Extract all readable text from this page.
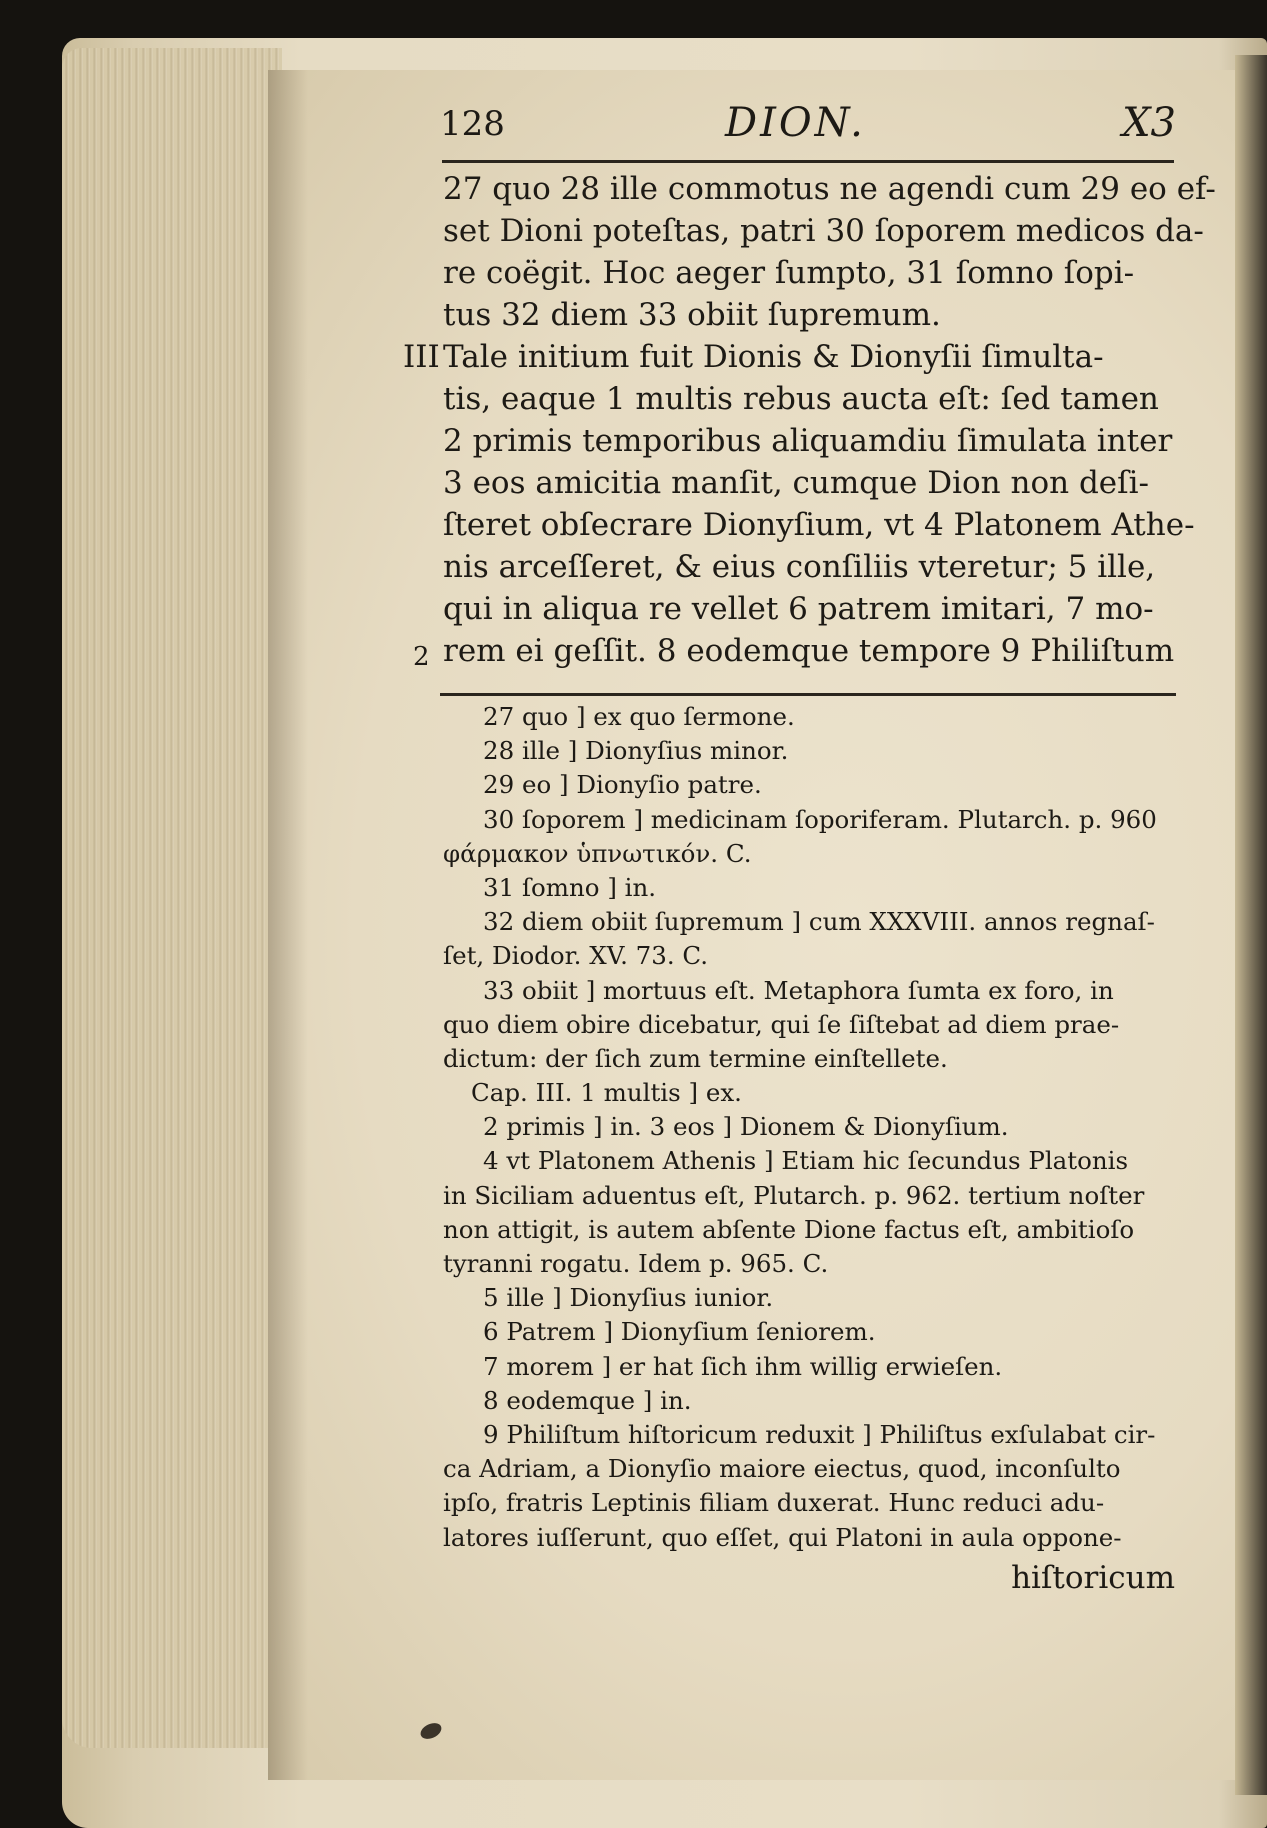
128	DION.	X3
27 quo 28 ille commotus ne agendi cum 29 eo ef-
set Dioni poteſtas, patri 30 ſoporem medicos da-
re coëgit. Hoc aeger ſumpto, 31 ſomno ſopi-
tus 32 diem 33 obiit ſupremum.
III Tale initium fuit Dionis & Dionyſii ſimulta-
tis, eaque 1 multis rebus aucta eſt: ſed tamen
2 primis temporibus aliquamdiu ſimulata inter
3 eos amicitia manſit, cumque Dion non deſi-
ſteret obſecrare Dionyſium, vt 4 Platonem Athe-
nis arceſſeret, & eius conſiliis vteretur; 5 ille,
qui in aliqua re vellet 6 patrem imitari, 7 mo-
2 rem ei geſſit. 8 eodemque tempore 9 Philiſtum
27 quo ] ex quo ſermone.
28 ille ] Dionyſius minor.
29 eo ] Dionyſio patre.
30 ſoporem ] medicinam ſoporiferam. Plutarch. p. 960
φάρμακον ὑπνωτικόν. C.
31 ſomno ] in.
32 diem obiit ſupremum ] cum XXXVIII. annos regnaſ-
ſet, Diodor. XV. 73. C.
33 obiit ] mortuus eſt. Metaphora ſumta ex foro, in
quo diem obire dicebatur, qui ſe ſiſtebat ad diem prae-
dictum: der ſich zum termine einſtellete.
Cap. III. 1 multis ] ex.
2 primis ] in. 3 eos ] Dionem & Dionyſium.
4 vt Platonem Athenis ] Etiam hic ſecundus Platonis
in Siciliam aduentus eſt, Plutarch. p. 962. tertium noſter
non attigit, is autem abſente Dione factus eſt, ambitioſo
tyranni rogatu. Idem p. 965. C.
5 ille ] Dionyſius iunior.
6 Patrem ] Dionyſium ſeniorem.
7 morem ] er hat ſich ihm willig erwieſen.
8 eodemque ] in.
9 Philiſtum hiſtoricum reduxit ] Philiſtus exſulabat cir-
ca Adriam, a Dionyſio maiore eiectus, quod, inconſulto
ipſo, fratris Leptinis filiam duxerat. Hunc reduci adu-
latores iuſſerunt, quo eſſet, qui Platoni in aula oppone-
hiſtoricum
